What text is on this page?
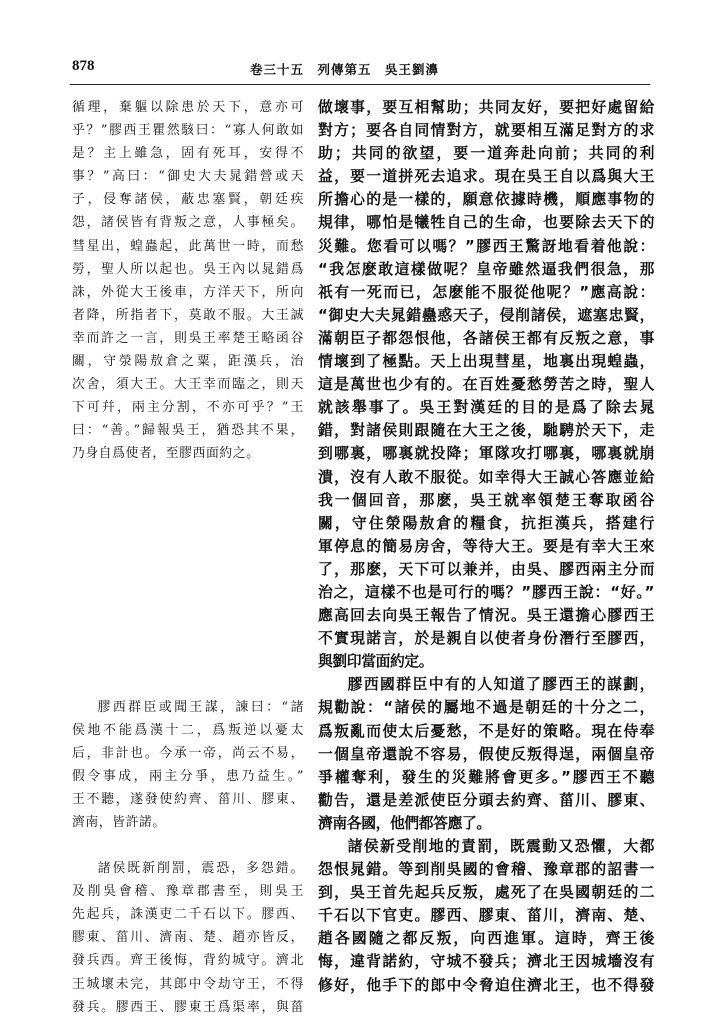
878	卷三十五　列傳第五　吳王劉濞

循理，棄軀以除患於天下，意亦可

乎？”膠西王瞿然駭曰：“寡人何敢如

是？主上雖急，固有死耳，安得不

事？”高曰：“御史大夫晁錯營或天

子，侵奪諸侯，蔽忠塞賢，朝廷疾

怨，諸侯皆有背叛之意，人事極矣。

彗星出，蝗蟲起，此萬世一時，而愁

勞，聖人所以起也。吳王內以晁錯爲

誅，外從大王後車，方洋天下，所向

者降，所指者下，莫敢不服。大王誠

幸而許之一言，則吳王率楚王略函谷

關，守滎陽敖倉之粟，距漢兵，治

次舍，須大王。大王幸而臨之，則天

下可幷，兩主分割，不亦可乎？”王

曰：“善。”歸報吳王，猶恐其不果，

乃身自爲使者，至膠西面約之。

膠西群臣或聞王謀，諫曰：“諸

侯地不能爲漢十二，爲叛逆以憂太

后，非計也。今承一帝，尚云不易，

假令事成，兩主分爭，患乃益生。”

王不聽，遂發使約齊、菑川、膠東、

濟南，皆許諾。

諸侯既新削罰，震恐，多怨錯。

及削吳會稽、豫章郡書至，則吳王

先起兵，誅漢吏二千石以下。膠西、

膠東、菑川、濟南、楚、趙亦皆反，

發兵西。齊王後悔，背約城守。濟北

王城壞未完，其郎中令劫守王，不得

發兵。膠西王、膠東王爲渠率，與菑

做壞事，要互相幫助；共同友好，要把好處留給

對方；要各自同情對方，就要相互滿足對方的求

助；共同的欲望，要一道奔赴向前；共同的利

益，要一道拼死去追求。現在吳王自以爲與大王

所擔心的是一樣的，願意依據時機，順應事物的

規律，哪怕是犧牲自己的生命，也要除去天下的

災難。您看可以嗎？”膠西王驚訝地看着他說：

“我怎麽敢這樣做呢？皇帝雖然逼我們很急，那

祇有一死而已，怎麽能不服從他呢？”應高說：

“御史大夫晁錯蠱惑天子，侵削諸侯，遮塞忠賢，

滿朝臣子都怨恨他，各諸侯王都有反叛之意，事

情壞到了極點。天上出現彗星，地裏出現蝗蟲，

這是萬世也少有的。在百姓憂愁勞苦之時，聖人

就該舉事了。吳王對漢廷的目的是爲了除去晁

錯，對諸侯則跟隨在大王之後，馳騁於天下，走

到哪裏，哪裏就投降；軍隊攻打哪裏，哪裏就崩

潰，沒有人敢不服從。如幸得大王誠心答應並給

我一個回音，那麽，吳王就率領楚王奪取函谷

關，守住滎陽敖倉的糧食，抗拒漢兵，搭建行

軍停息的簡易房舍，等待大王。要是有幸大王來

了，那麽，天下可以兼并，由吳、膠西兩主分而

治之，這樣不也是可行的嗎？”膠西王說：“好。”

應高回去向吳王報告了情況。吳王還擔心膠西王

不實現諾言，於是親自以使者身份潛行至膠西，

與劉印當面約定。

膠西國群臣中有的人知道了膠西王的謀劃，

規勸說：“諸侯的屬地不過是朝廷的十分之二，

爲叛亂而使太后憂愁，不是好的策略。現在侍奉

一個皇帝還說不容易，假使反叛得逞，兩個皇帝

爭權奪利，發生的災難將會更多。”膠西王不聽

勸告，還是差派使臣分頭去約齊、菑川、膠東、

濟南各國，他們都答應了。

諸侯新受削地的責罰，既震動又恐懼，大都

怨恨晁錯。等到削吳國的會稽、豫章郡的詔書一

到，吳王首先起兵反叛，處死了在吳國朝廷的二

千石以下官吏。膠西、膠東、菑川，濟南、楚、

趙各國隨之都反叛，向西進軍。這時，齊王後

悔，違背諾約，守城不發兵；濟北王因城墻沒有

修好，他手下的郎中令脅迫住濟北王，也不得發
